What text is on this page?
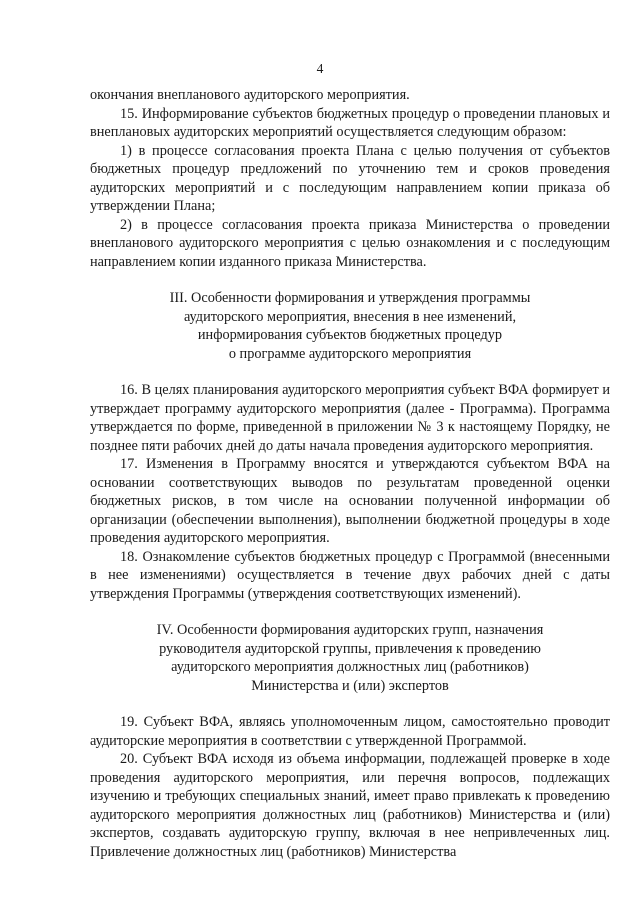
4

окончания внепланового аудиторского мероприятия.

15. Информирование субъектов бюджетных процедур о проведении плановых и внеплановых аудиторских мероприятий осуществляется следующим образом:

1) в процессе согласования проекта Плана с целью получения от субъектов бюджетных процедур предложений по уточнению тем и сроков проведения аудиторских мероприятий и с последующим направлением копии приказа об утверждении Плана;

2) в процессе согласования проекта приказа Министерства о проведении внепланового аудиторского мероприятия с целью ознакомления и с последующим направлением копии изданного приказа Министерства.

III. Особенности формирования и утверждения программы
аудиторского мероприятия, внесения в нее изменений,
информирования субъектов бюджетных процедур
о программе аудиторского мероприятия

16. В целях планирования аудиторского мероприятия субъект ВФА формирует и утверждает программу аудиторского мероприятия (далее - Программа). Программа утверждается по форме, приведенной в приложении № 3 к настоящему Порядку, не позднее пяти рабочих дней до даты начала проведения аудиторского мероприятия.

17. Изменения в Программу вносятся и утверждаются субъектом ВФА на основании соответствующих выводов по результатам проведенной оценки бюджетных рисков, в том числе на основании полученной информации об организации (обеспечении выполнения), выполнении бюджетной процедуры в ходе проведения аудиторского мероприятия.

18. Ознакомление субъектов бюджетных процедур с Программой (внесенными в нее изменениями) осуществляется в течение двух рабочих дней с даты утверждения Программы (утверждения соответствующих изменений).

IV. Особенности формирования аудиторских групп, назначения
руководителя аудиторской группы, привлечения к проведению
аудиторского мероприятия должностных лиц (работников)
Министерства и (или) экспертов

19. Субъект ВФА, являясь уполномоченным лицом, самостоятельно проводит аудиторские мероприятия в соответствии с утвержденной Программой.

20. Субъект ВФА исходя из объема информации, подлежащей проверке в ходе проведения аудиторского мероприятия, или перечня вопросов, подлежащих изучению и требующих специальных знаний, имеет право привлекать к проведению аудиторского мероприятия должностных лиц (работников) Министерства и (или) экспертов, создавать аудиторскую группу, включая в нее непривлеченных лиц. Привлечение должностных лиц (работников) Министерства
